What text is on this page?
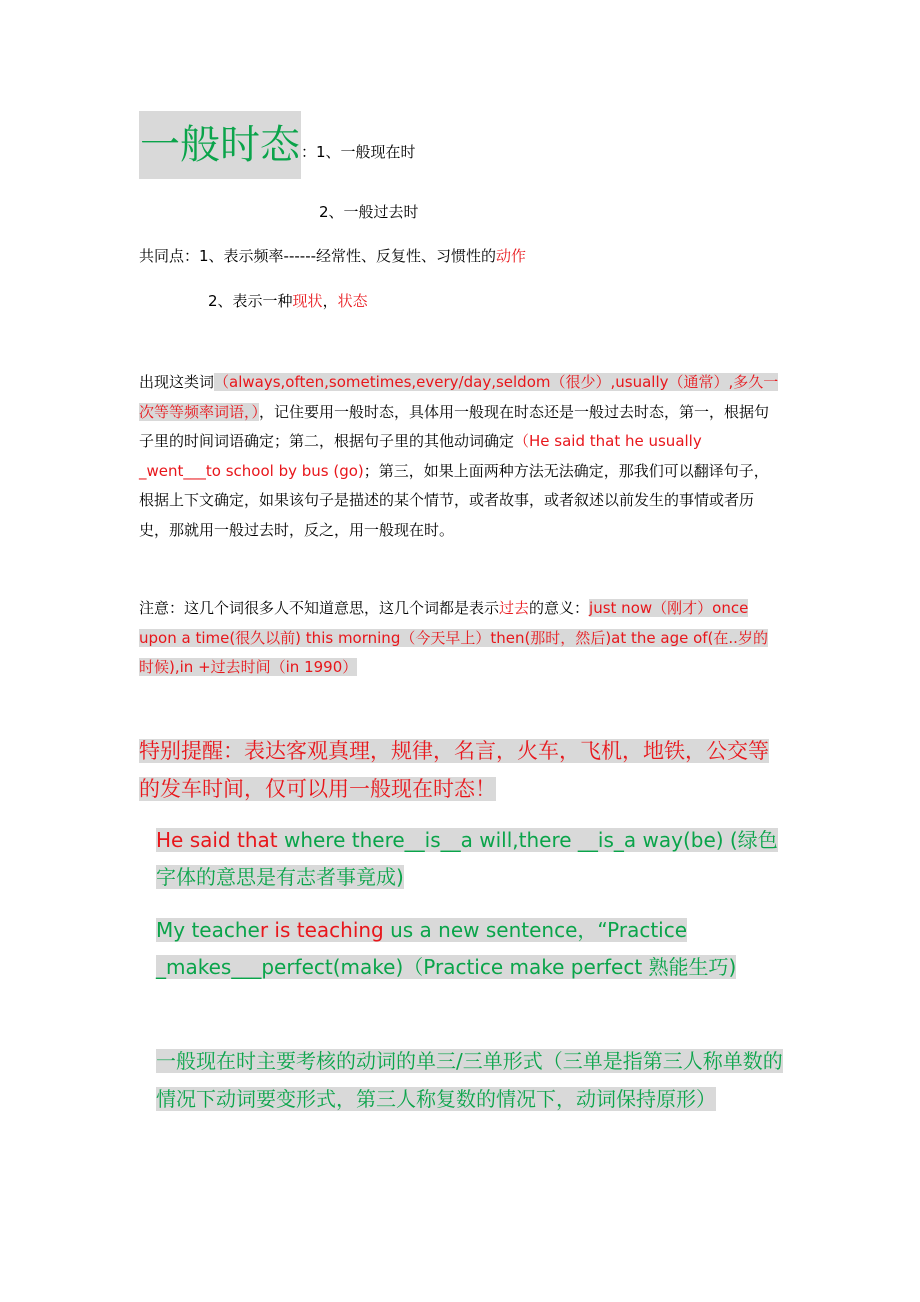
一般时态：1、一般现在时
2、一般过去时
共同点：1、表示频率------经常性、反复性、习惯性的动作
2、表示一种现状，状态
出现这类词（always,often,sometimes,every/day,seldom（很少）,usually（通常）,多久一次等等频率词语，），记住要用一般时态，具体用一般现在时态还是一般过去时态，第一，根据句子里的时间词语确定；第二，根据句子里的其他动词确定（He said that he usually _went___to school by bus (go)；第三，如果上面两种方法无法确定，那我们可以翻译句子，根据上下文确定，如果该句子是描述的某个情节，或者故事，或者叙述以前发生的事情或者历史，那就用一般过去时，反之，用一般现在时。
注意：这几个词很多人不知道意思，这几个词都是表示过去的意义：just now（刚才）once upon a time(很久以前) this morning（今天早上）then(那时，然后)at the age of(在..岁的时候),in +过去时间（in 1990）
特别提醒：表达客观真理，规律，名言，火车，飞机，地铁，公交等的发车时间，仅可以用一般现在时态！
He said that where there__is__a will,there __is_a way(be) (绿色字体的意思是有志者事竟成)
My teacher is teaching us a new sentence，“Practice _makes___perfect(make)（Practice make perfect 熟能生巧)
一般现在时主要考核的动词的单三/三单形式（三单是指第三人称单数的情况下动词要变形式，第三人称复数的情况下，动词保持原形）
